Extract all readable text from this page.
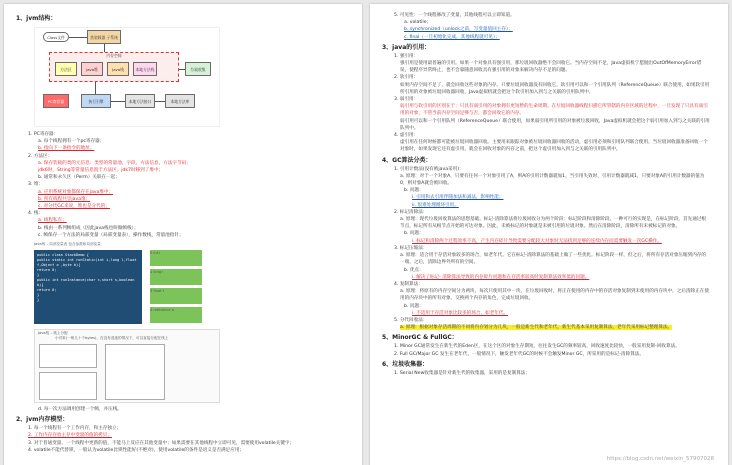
1、jvm结构：
Class文件	类装载器 子系统
内存空间
方法区	Java堆	Java栈	本地方法栈	垃圾收集
PC寄存器	执行引擎	本地方法接口	本地方法库
1. PC寄存器：
a. 每个线程拥有一个pc寄存器；
b. 指向下一条指令的地址。
2. 方法区：
a. 保存装载的类的元信息：类型的常量池，字段，方法信息，方法字节码；
jdk6时，String等常量信息置于方法区，jdk7时移到了堆中；
b. 通常和永久区（Perm）关联在一起；
3. 堆：
a. 应用系统对象都保存在java堆中；
b. 所有线程共享java堆；
c. 对分代GC来说，堆也是分代的；
4. 栈：
a. 线程私有；
b. 栈由一系列帧组成（因此java栈也叫做帧栈）；
c. 帧保存一个方法的局部变量（局部变量表），操作数栈，常量池指针；
Java栈 – 局部变量表 包含参数和局部变量
public class StackDemo {
public static int runStatic(int i,long l,float f,Object o ,byte b){
return 0;
}
public int runInstance(char c,short s,boolean b){
return 0;
}
}
0 int i
1 long l
3 float f
4 reference o
Java栈 – 栈上分配
小对象(一般几十个bytes)，在没有逃逸的情况下，可以直接分配在栈上
d. 每一次方法调用创建一个帧，并压栈。
2、jvm内存模型：
1. 每一个线程有一个工作内存，和主存独立；
2. 工作内存存放主存中变量的值的拷贝；
3. 对于普通变量，一个线程中更新的值，不能马上反应在其他变量中；如果需要在其他线程中立即可见，需要使用volatile关键字；
4. volatile不能代替锁，一般认为volatile比锁性能好(不绝对)，使用volatile的条件是语义是否满足应用；
5. 可见性：一个线程修改了变量，其他线程可以立即知道。
a. volatile；
b. synchronized（unlock之前，写变量值回主存）；
c. final（一旦初始化完成，其他线程就可见）；
3、java的引用：
1. 强引用：
强引用是使用最普遍的引用。如果一个对象具有强引用，那垃圾回收器绝不会回收它。当内存空间不足，Java虚拟机宁愿抛出OutOfMemoryError错误，使程序异常终止，也不会靠随意回收具有强引用的对象来解决内存不足的问题。
2. 软引用：
如果内存空间不足了，就会回收这些对象的内存。只要垃圾回收器没有回收它，软引用可以和一个引用队列（ReferenceQueue）联合使用，如果软引用所引用的对象被垃圾回收器回收，Java虚拟机就会把这个软引用加入到与之关联的引用队列中。
3. 弱引用：
弱引用与软引用的区别在于：只具有弱引用的对象拥有更短暂的生命周期。在垃圾回收器线程扫描它所管辖的内存区域的过程中，一旦发现了只具有弱引用的对象，不管当前内存空间足够与否，都会回收它的内存。
弱引用可以和一个引用队列（ReferenceQueue）联合使用，如果弱引用所引用的对象被垃圾回收，Java虚拟机就会把这个弱引用加入到与之关联的引用队列中。
4. 虚引用：
虚引用在任何时候都可能被垃圾回收器回收。主要用来跟踪对象被垃圾回收器回收的活动，虚引用必须和引用队列联合使用。当垃圾回收器准备回收一个对象时，如果发现它还有虚引用，就会在回收对象的内存之前，把这个虚引用加入到与之关联的引用队列中。
4、GC算法分类：
1. 引用计数法(没有被java采用)：
a. 原理：对于一个对象A，只要有任何一个对象引用了A，则A的引用计数器就加1，当引用失效时，引用计数器就减1，只要对象A的引用计数器的值为0，则对象A就会被回收。
b. 问题：
i. 引用和去引用伴随加法和减法，影响性能；
ii. 很难处理循环引用。
2. 标记清除法：
a. 原理：现代垃圾回收算法的思想基础。标记-清除算法将垃圾回收分为两个阶段：标记阶段和清除阶段。一种可行的实现是，在标记阶段，首先通过根节点，标记所有从根节点开始的可达对象。因此，未被标记的对象就是未被引用的垃圾对象。然后在清除阶段，清除所有未被标记的对象。
b. 问题：
i. 标记和清除两个过程效率不高，产生内存碎片导致需要分配较大对象时无法找到足够的连续内存而需要触发一次GC操作。
3. 标记压缩法：
a. 原理：适合用于存活对象较多的场合，如老年代。它在标记-清除算法的基础上做了一些优化。标记阶段一样，但之后，将所有存活对象压缩到内存的一端。之后，清除边界外所有的空间。
b. 优点：
i. 解决了标记- 清除算法导致的内存碎片问题和在存活率较高时复制算法效率低的问题。
4. 复制算法：
a. 原理：将原有的内存空间分为两块，每次只使用其中一块，在垃圾回收时，将正在使用的内存中的存活对象复制到未使用的内存块中，之后清除正在使用的内存块中的所有对象，交换两个内存的角色，完成垃圾回收。
b. 问题：
i. 不适用于存活对象比较多的场合，如老年代。
5. 分代回收法：
a. 原理：根据对象存活周期的不同将内存划分为几块，一般是新生代和老年代，新生代基本采用复制算法，老年代采用标记整理算法。
5、MinorGC & FullGC：
1. Minor GC通常发生在新生代的Eden区，在这个区的对象生存期短，往往发生GC的频率较高，回收速度比较快，一般采用复制-回收算法。
2. Full GC/Major GC 发生在老年代，一般情况下，触发老年代GC的时候不会触发Minor GC，所采用的是标记-清除算法。
6、垃圾收集器：
1. Serial New收集器是针对新生代的收集器，采用的是复制算法；
https://blog.csdn.net/weixin_57907028
